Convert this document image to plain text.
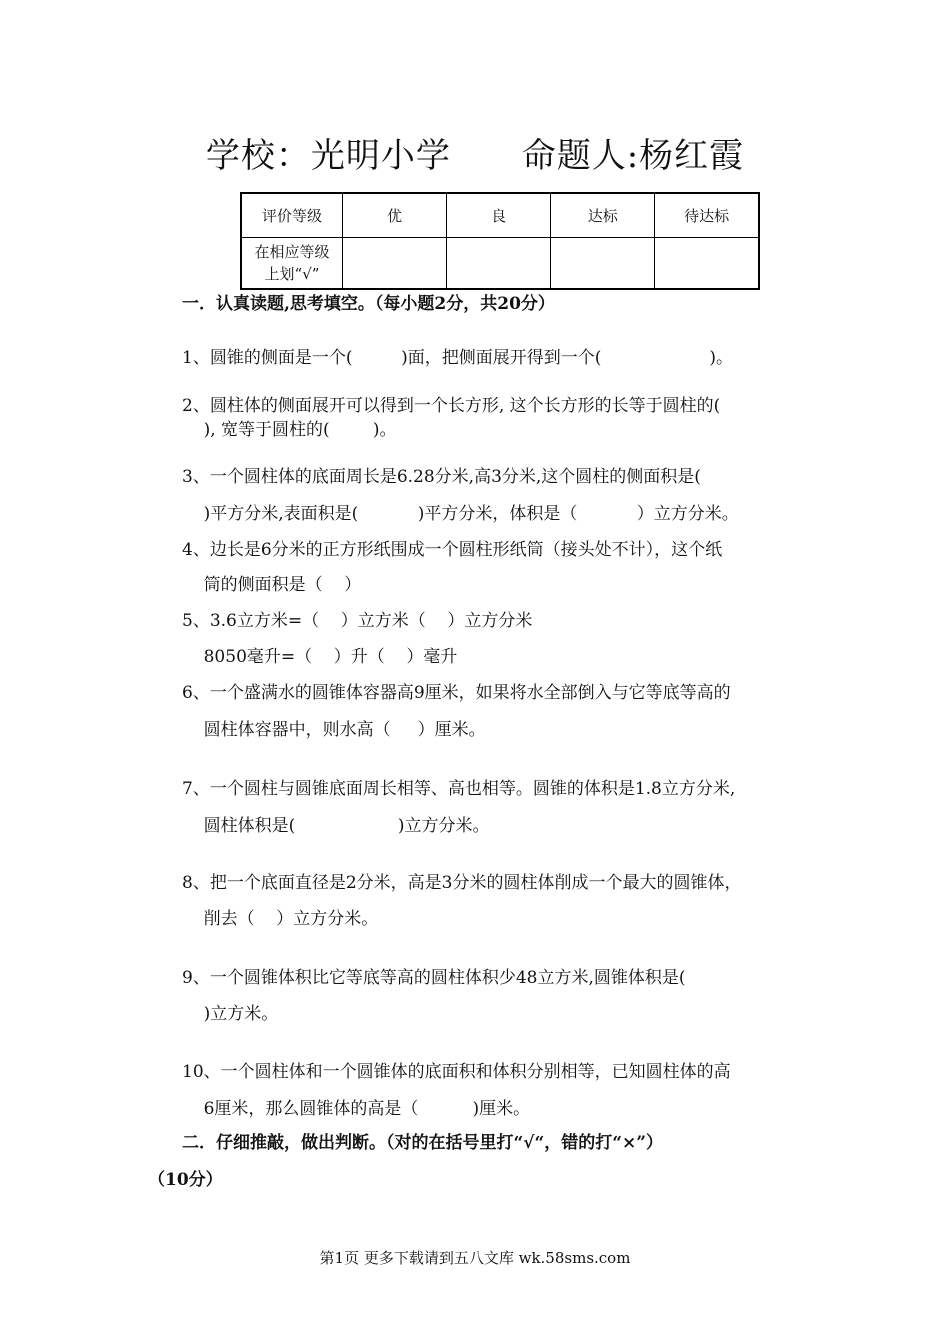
学校：光明小学      命题人:杨红霞
评价等级	优	良	达标	待达标
在相应等级
上划“√”				
一．认真读题,思考填空。（每小题2分，共20分）
1、圆锥的侧面是一个(         )面，把侧面展开得到一个(                    )。
2、圆柱体的侧面展开可以得到一个长方形, 这个长方形的长等于圆柱的(
), 宽等于圆柱的(        )。
3、一个圆柱体的底面周长是6.28分米,高3分米,这个圆柱的侧面积是(
)平方分米,表面积是(           )平方分米，体积是（           ）立方分米。
4、边长是6分米的正方形纸围成一个圆柱形纸筒（接头处不计），这个纸
筒的侧面积是（    ）
5、3.6立方米=（    ）立方米（    ）立方分米
8050毫升=（    ）升（    ）毫升
6、一个盛满水的圆锥体容器高9厘米，如果将水全部倒入与它等底等高的
圆柱体容器中，则水高（     ）厘米。
7、一个圆柱与圆锥底面周长相等、高也相等。圆锥的体积是1.8立方分米,
圆柱体积是(                   )立方分米。
8、把一个底面直径是2分米，高是3分米的圆柱体削成一个最大的圆锥体，
削去（    ）立方分米。
9、一个圆锥体积比它等底等高的圆柱体积少48立方米,圆锥体积是(
)立方米。
10、一个圆柱体和一个圆锥体的底面积和体积分别相等，已知圆柱体的高
6厘米，那么圆锥体的高是（          )厘米。
二．仔细推敲，做出判断。（对的在括号里打“√“，错的打“×”）
（10分）
第1页 更多下载请到五八文库 wk.58sms.com
